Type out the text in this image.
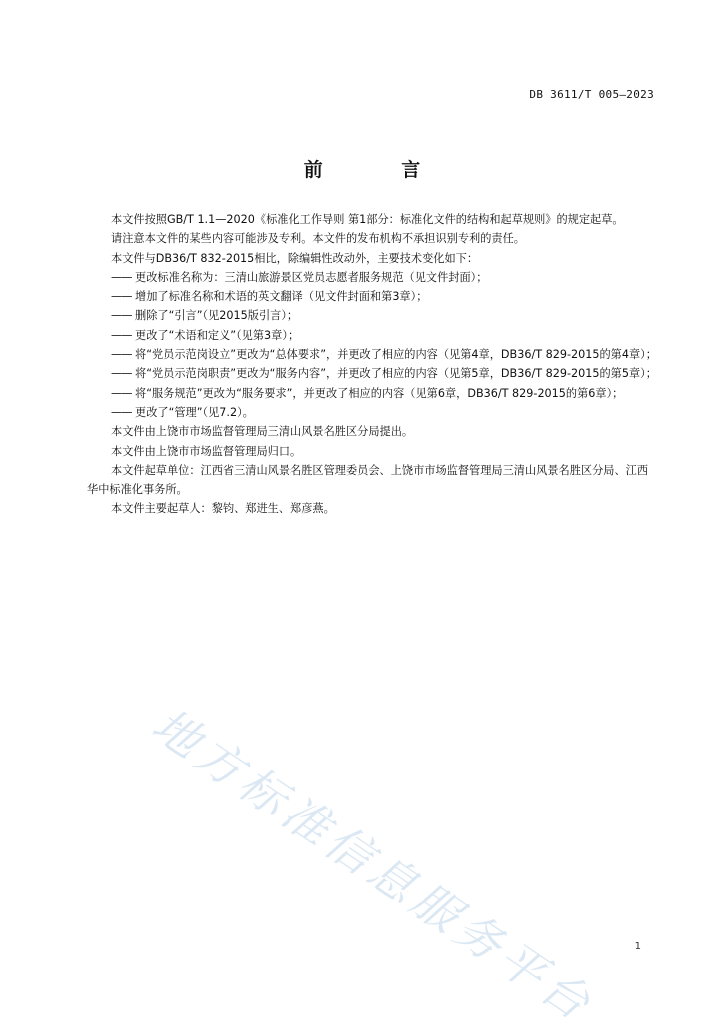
DB 3611/T 005—2023
前 言

本文件按照GB/T 1.1—2020《标准化工作导则 第1部分：标准化文件的结构和起草规则》的规定起草。

请注意本文件的某些内容可能涉及专利。本文件的发布机构不承担识别专利的责任。

本文件与DB36/T 832-2015相比，除编辑性改动外，主要技术变化如下：

—— 更改标准名称为：三清山旅游景区党员志愿者服务规范（见文件封面）；
—— 增加了标准名称和术语的英文翻译（见文件封面和第3章）；
—— 删除了“引言”（见2015版引言）；
—— 更改了“术语和定义”（见第3章）；
—— 将“党员示范岗设立”更改为“总体要求”，并更改了相应的内容（见第4章，DB36/T 829-2015的第4章）；
—— 将“党员示范岗职责”更改为“服务内容”，并更改了相应的内容（见第5章，DB36/T 829-2015的第5章）；
—— 将“服务规范”更改为“服务要求”，并更改了相应的内容（见第6章，DB36/T 829-2015的第6章）；
—— 更改了“管理”（见7.2）。

本文件由上饶市市场监督管理局三清山风景名胜区分局提出。

本文件由上饶市市场监督管理局归口。

本文件起草单位：江西省三清山风景名胜区管理委员会、上饶市市场监督管理局三清山风景名胜区分局、江西华中标准化事务所。

本文件主要起草人：黎钧、郑进生、郑彦燕。

地方标准信息服务平台	1
